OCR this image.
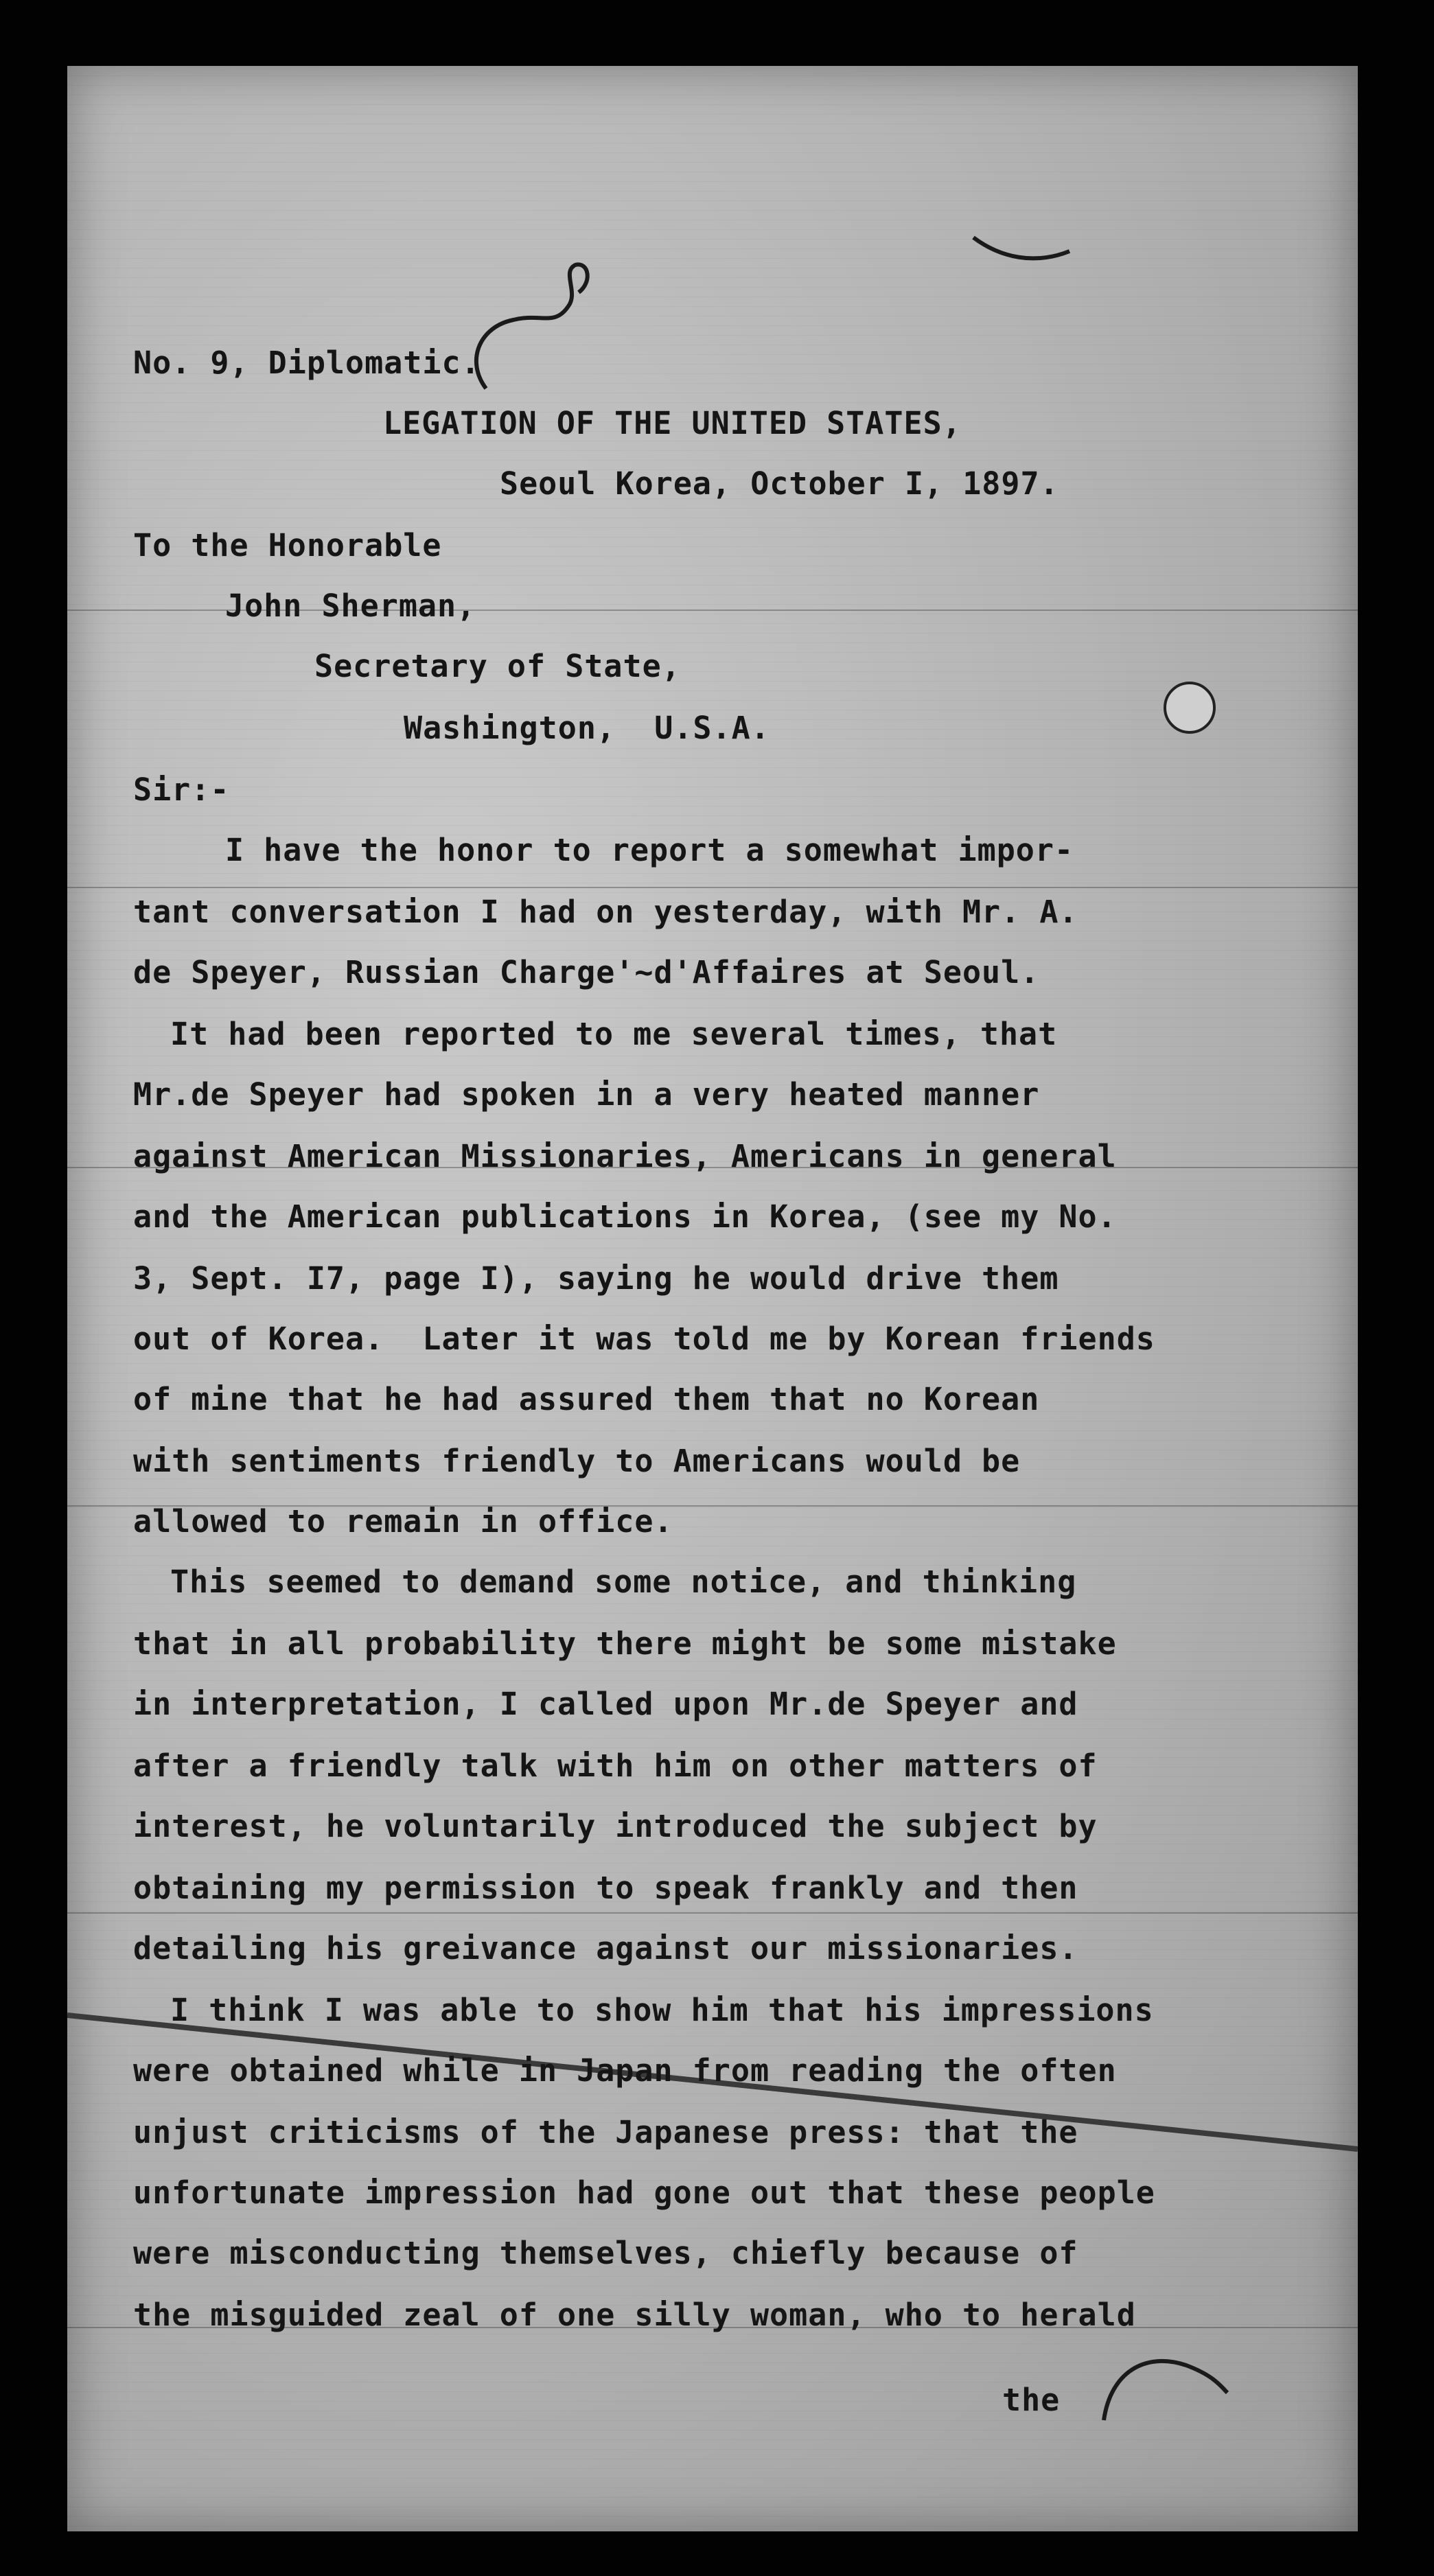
No. 9, Diplomatic.
LEGATION OF THE UNITED STATES,
Seoul Korea, October I, 1897.
To the Honorable
John Sherman,
Secretary of State,
Washington,  U.S.A.
Sir:-
I have the honor to report a somewhat impor-
tant conversation I had on yesterday, with Mr. A.
de Speyer, Russian Charge'~d'Affaires at Seoul.
It had been reported to me several times, that
Mr.de Speyer had spoken in a very heated manner
against American Missionaries, Americans in general
and the American publications in Korea, (see my No.
3, Sept. I7, page I), saying he would drive them
out of Korea.  Later it was told me by Korean friends
of mine that he had assured them that no Korean
with sentiments friendly to Americans would be
allowed to remain in office.
This seemed to demand some notice, and thinking
that in all probability there might be some mistake
in interpretation, I called upon Mr.de Speyer and
after a friendly talk with him on other matters of
interest, he voluntarily introduced the subject by
obtaining my permission to speak frankly and then
detailing his greivance against our missionaries.
I think I was able to show him that his impressions
were obtained while in Japan from reading the often
unjust criticisms of the Japanese press: that the
unfortunate impression had gone out that these people
were misconducting themselves, chiefly because of
the misguided zeal of one silly woman, who to herald
the
